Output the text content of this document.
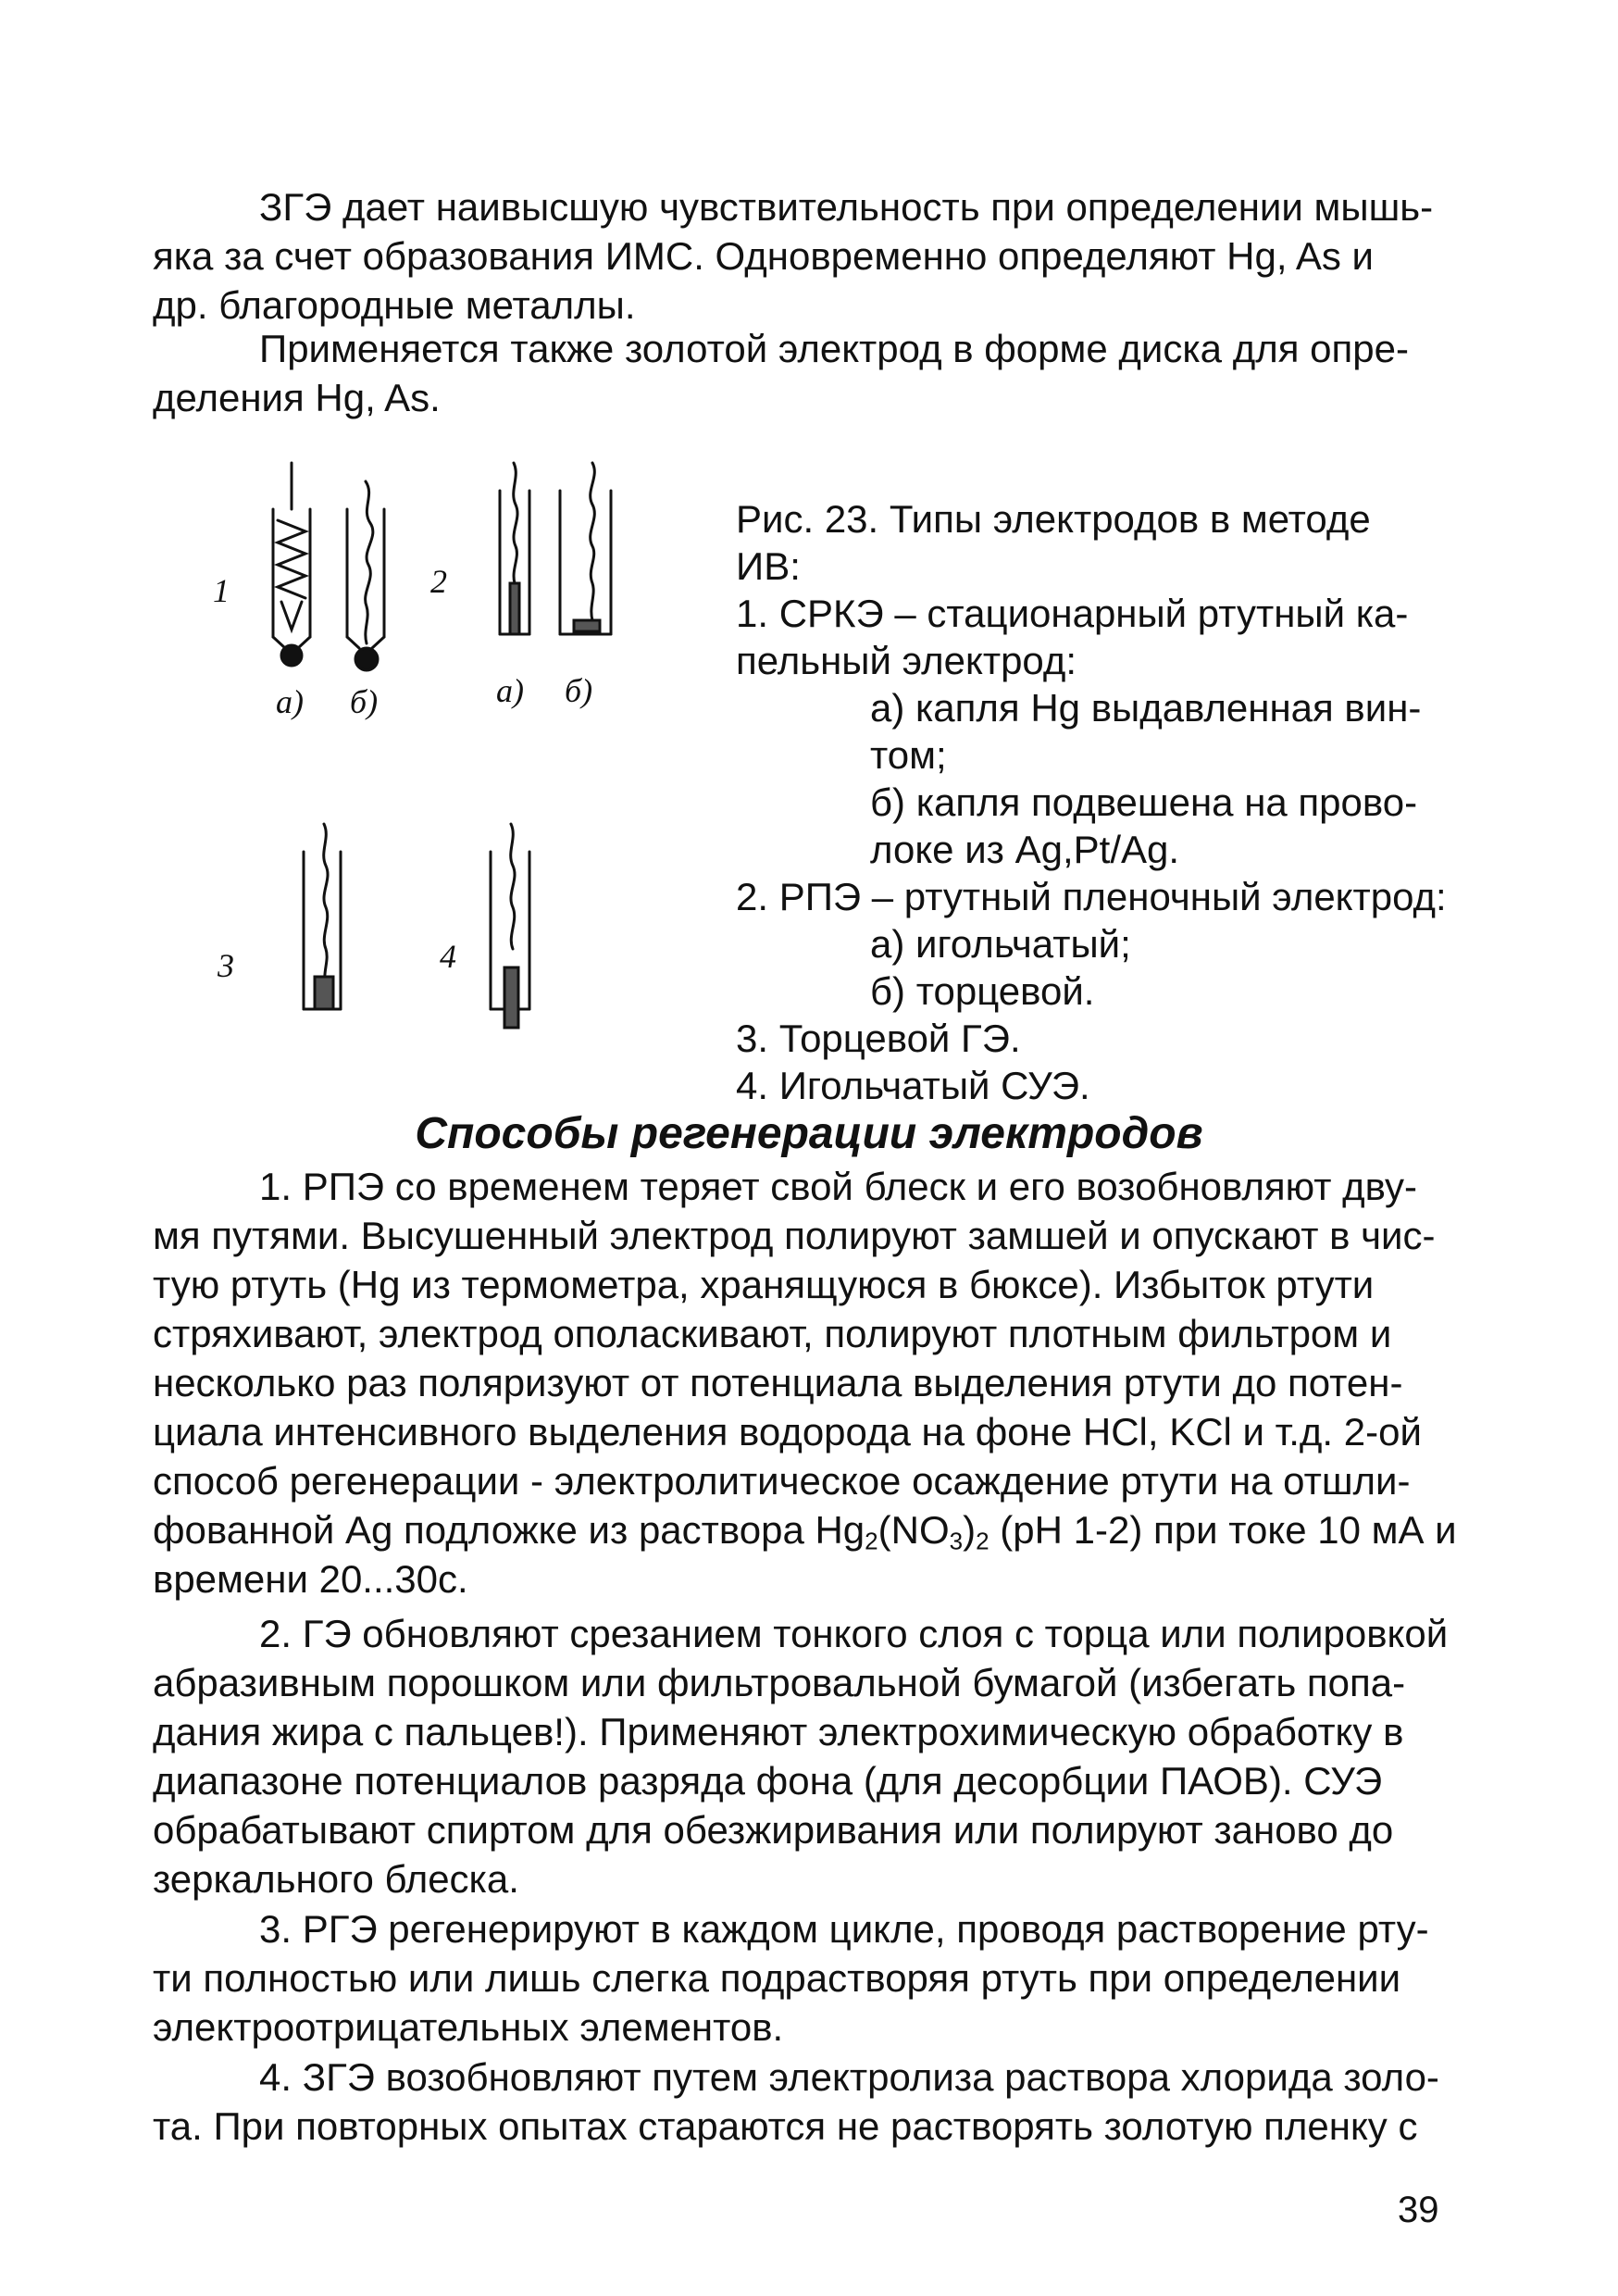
ЗГЭ дает наивысшую чувствительность при определении мышь-
яка за счет образования ИМС. Одновременно определяют Hg, As и
др. благородные металлы.

Применяется также золотой электрод в форме диска для опре-
деления Hg, As.

1	2
3	4
а) б)	а) б)
Рис. 23. Типы электродов в методе
ИВ:
1. СРКЭ – стационарный ртутный ка-
пельный электрод:
а) капля Hg выдавленная вин-
том;
б) капля подвешена на прово-
локе из Ag,Pt/Ag.
2. РПЭ – ртутный пленочный электрод:
а) игольчатый;
б) торцевой.
3. Торцевой ГЭ.
4. Игольчатый СУЭ.
Способы регенерации электродов

1. РПЭ со временем теряет свой блеск и его возобновляют дву-
мя путями. Высушенный электрод полируют замшей и опускают в чис-
тую ртуть (Hg из термометра, хранящуюся в бюксе). Избыток ртути
стряхивают, электрод ополаскивают, полируют плотным фильтром и
несколько раз поляризуют от потенциала выделения ртути до потен-
циала интенсивного выделения водорода на фоне HCl, KCl и т.д. 2-ой
способ регенерации - электролитическое осаждение ртути на отшли-
фованной Ag подложке из раствора $Hg_2(NO_3)_2$ (pH 1-2) при токе 10 мА и
времени 20...30с.

2. ГЭ обновляют срезанием тонкого слоя с торца или полировкой
абразивным порошком или фильтровальной бумагой (избегать попа-
дания жира с пальцев!). Применяют электрохимическую обработку в
диапазоне потенциалов разряда фона (для десорбции ПАОВ). СУЭ
обрабатывают спиртом для обезжиривания или полируют заново до
зеркального блеска.

3. РГЭ регенерируют в каждом цикле, проводя растворение рту-
ти полностью или лишь слегка подрастворяя ртуть при определении
электроотрицательных элементов.

4. ЗГЭ возобновляют путем электролиза раствора хлорида золо-
та. При повторных опытах стараются не растворять золотую пленку с

39
